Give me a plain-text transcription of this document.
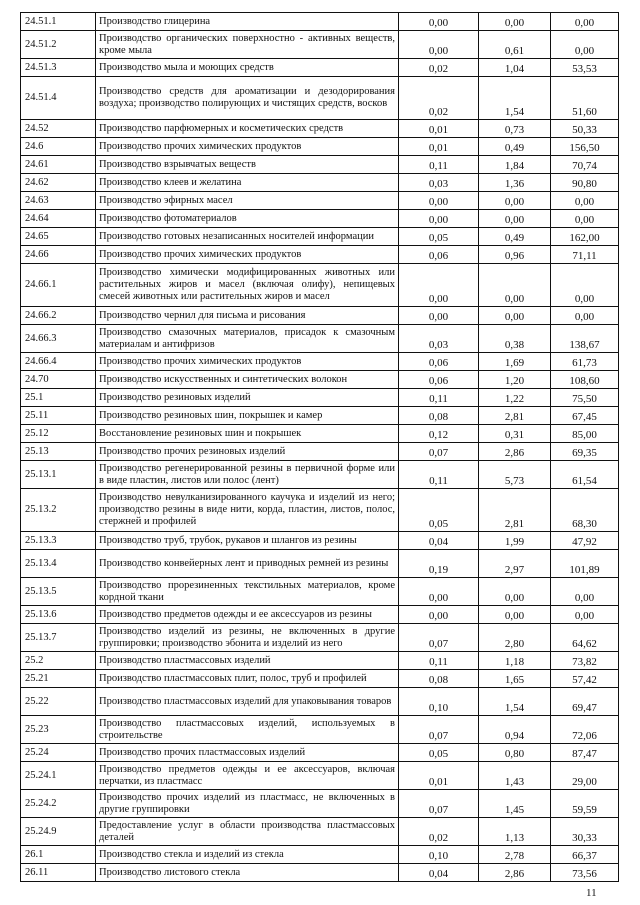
24.51.1	Производство глицерина	0,00	0,00	0,00
24.51.2	Производство органических поверхностно - активных веществ, кроме мыла	0,00	0,61	0,00
24.51.3	Производство мыла и моющих средств	0,02	1,04	53,53
24.51.4	Производство средств для ароматизации и дезодорирования воздуха; производство полирующих и чистящих средств, восков	0,02	1,54	51,60
24.52	Производство парфюмерных и косметических средств	0,01	0,73	50,33
24.6	Производство прочих химических продуктов	0,01	0,49	156,50
24.61	Производство взрывчатых веществ	0,11	1,84	70,74
24.62	Производство клеев и желатина	0,03	1,36	90,80
24.63	Производство эфирных масел	0,00	0,00	0,00
24.64	Производство фотоматериалов	0,00	0,00	0,00
24.65	Производство готовых незаписанных носителей информации	0,05	0,49	162,00
24.66	Производство прочих химических продуктов	0,06	0,96	71,11
24.66.1	Производство химически модифицированных животных или растительных жиров и масел (включая олифу), непищевых смесей животных или растительных жиров и масел	0,00	0,00	0,00
24.66.2	Производство чернил для письма и рисования	0,00	0,00	0,00
24.66.3	Производство смазочных материалов, присадок к смазочным материалам и антифризов	0,03	0,38	138,67
24.66.4	Производство прочих химических продуктов	0,06	1,69	61,73
24.70	Производство искусственных и синтетических волокон	0,06	1,20	108,60
25.1	Производство резиновых изделий	0,11	1,22	75,50
25.11	Производство резиновых шин, покрышек и камер	0,08	2,81	67,45
25.12	Восстановление резиновых шин и покрышек	0,12	0,31	85,00
25.13	Производство прочих резиновых изделий	0,07	2,86	69,35
25.13.1	Производство регенерированной резины в первичной форме или в виде пластин, листов или полос (лент)	0,11	5,73	61,54
25.13.2	Производство невулканизированного каучука и изделий из него; производство резины в виде нити, корда, пластин, листов, полос, стержней и профилей	0,05	2,81	68,30
25.13.3	Производство труб, трубок, рукавов и шлангов из резины	0,04	1,99	47,92
25.13.4	Производство конвейерных лент и приводных ремней из резины	0,19	2,97	101,89
25.13.5	Производство прорезиненных текстильных материалов, кроме кордной ткани	0,00	0,00	0,00
25.13.6	Производство предметов одежды и ее аксессуаров из резины	0,00	0,00	0,00
25.13.7	Производство изделий из резины, не включенных в другие группировки; производство эбонита и изделий из него	0,07	2,80	64,62
25.2	Производство пластмассовых изделий	0,11	1,18	73,82
25.21	Производство пластмассовых плит, полос, труб и профилей	0,08	1,65	57,42
25.22	Производство пластмассовых изделий для упаковывания товаров	0,10	1,54	69,47
25.23	Производство пластмассовых изделий, используемых в строительстве	0,07	0,94	72,06
25.24	Производство прочих пластмассовых изделий	0,05	0,80	87,47
25.24.1	Производство предметов одежды и ее аксессуаров, включая перчатки, из пластмасс	0,01	1,43	29,00
25.24.2	Производство прочих изделий из пластмасс, не включенных в другие группировки	0,07	1,45	59,59
25.24.9	Предоставление услуг в области производства пластмассовых деталей	0,02	1,13	30,33
26.1	Производство стекла и изделий из стекла	0,10	2,78	66,37
26.11	Производство листового стекла	0,04	2,86	73,56
11
